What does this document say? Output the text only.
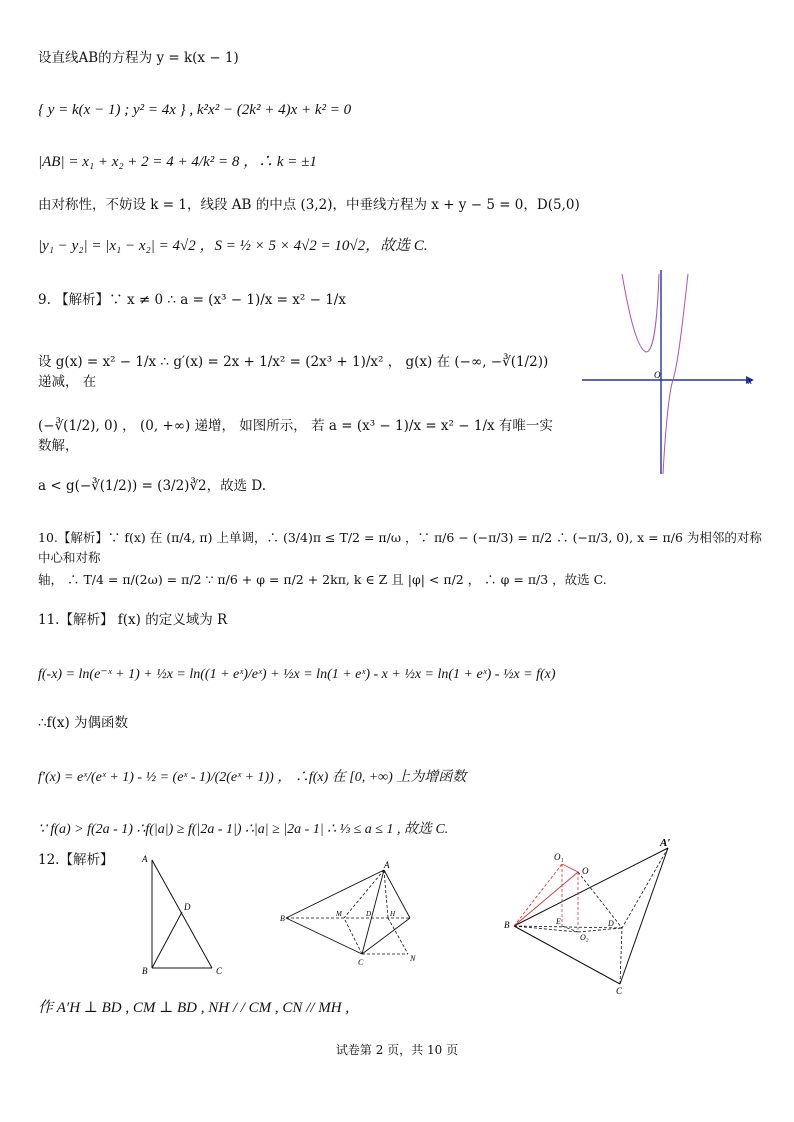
设直线AB的方程为 y = k(x − 1)
{ y = k(x − 1) ; y² = 4x } , k²x² − (2k² + 4)x + k² = 0
|AB| = x₁ + x₂ + 2 = 4 + 4/k² = 8 ，∴ k = ±1
由对称性，不妨设 k = 1，线段 AB 的中点 (3,2)，中垂线方程为 x + y − 5 = 0，D(5,0)
|y₁ − y₂| = |x₁ − x₂| = 4√2 ，S = ½ × 5 × 4√2 = 10√2，故选 C.
9. 【解析】∵ x ≠ 0 ∴ a = (x³ − 1)/x = x² − 1/x
设 g(x) = x² − 1/x ∴ g′(x) = 2x + 1/x² = (2x³ + 1)/x² ， g(x) 在 (−∞, −∛(1/2)) 递减， 在
(−∛(1/2), 0) ， (0, +∞) 递增， 如图所示， 若 a = (x³ − 1)/x = x² − 1/x 有唯一实数解，
a < g(−∛(1/2)) = (3/2)∛2，故选 D.
10.【解析】∵ f(x) 在 (π/4, π) 上单调，∴ (3/4)π ≤ T/2 = π/ω ，∵ π/6 − (−π/3) = π/2 ∴ (−π/3, 0), x = π/6 为相邻的对称中心和对称
轴， ∴ T/4 = π/(2ω) = π/2 ∵ π/6 + φ = π/2 + 2kπ, k ∈ Z 且 |φ| < π/2 ， ∴ φ = π/3 ，故选 C.
11.【解析】 f(x) 的定义域为 R
f(-x) = ln(e⁻ˣ + 1) + ½x = ln((1 + eˣ)/eˣ) + ½x = ln(1 + eˣ) - x + ½x = ln(1 + eˣ) - ½x = f(x)
∴f(x) 为偶函数
f′(x) = eˣ/(eˣ + 1) - ½ = (eˣ - 1)/(2(eˣ + 1)) ， ∴f(x) 在 [0, +∞) 上为增函数
∵ f(a) > f(2a - 1) ∴f(|a|) ≥ f(|2a - 1|) ∴|a| ≥ |2a - 1| ∴ ⅓ ≤ a ≤ 1 , 故选 C.
12.【解析】
作 A′H ⊥ BD , CM ⊥ BD , NH / / CM , CN // MH ,
试卷第 2 页，共 10 页
O
x
A
D
B	C
A
B	M	D	H
C	N
A′
O₁
O
B	E	D
O₂
C
